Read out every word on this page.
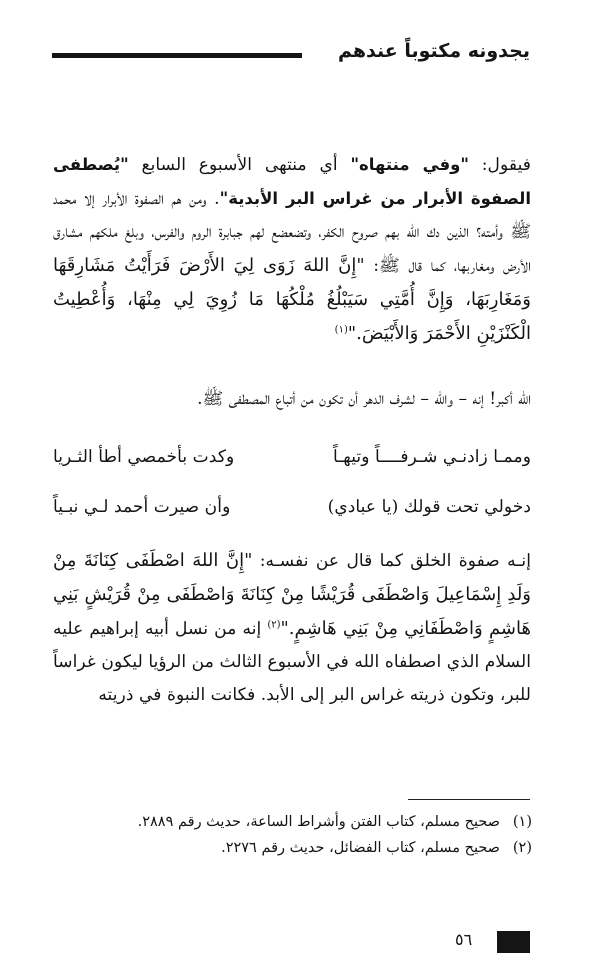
يجدونه مكتوباً عندهم

فيقول: "وفي منتهاه" أي منتهى الأسبوع السابع "يُصطفى الصفوة الأبرار من غراس البر الأبدية". ومن هم الصفوة الأبرار إلا محمد ﷺ وأمته؟ الذين دك الله بهم صروح الكفر، وتضعضع لهم جبابرة الروم والفرس، وبلغ ملكهم مشارق الأرض ومغاربها، كما قال ﷺ: "إِنَّ اللهَ زَوَى لِيَ الأَرْضَ فَرَأَيْتُ مَشَارِقَهَا وَمَغَارِبَهَا، وَإِنَّ أُمَّتِي سَيَبْلُغُ مُلْكُهَا مَا زُوِيَ لِي مِنْهَا، وَأُعْطِيتُ الْكَنْزَيْنِ الأَحْمَرَ وَالأَبْيَضَ."$^{(١)}$

الله أكبر! إنه – والله – لشرف الدهر أن تكون من أتباع المصطفى ﷺ.

وممـا زادنـي شـرفــــاً وتيهـاً
وكدت بأخمصي أطأ الثـريا
دخولي تحت قولك (يا عبادي)
وأن صيرت أحمد لـي نبـياً

إنـه صفوة الخلق كما قال عن نفسـه: "إِنَّ اللهَ اصْطَفَى كِنَانَةَ مِنْ وَلَدِ إِسْمَاعِيلَ وَاصْطَفَى قُرَيْشًا مِنْ كِنَانَةَ وَاصْطَفَى مِنْ قُرَيْشٍ بَنِي هَاشِمٍ وَاصْطَفَانِي مِنْ بَنِي هَاشِمٍ."$^{(٢)}$ إنه من نسل أبيه إبراهيم عليه السلام الذي اصطفاه الله في الأسبوع الثالث من الرؤيا ليكون غراساً للبر، وتكون ذريته غراس البر إلى الأبد. فكانت النبوة في ذريته

(١)
صحيح مسلم، كتاب الفتن وأشراط الساعة، حديث رقم ٢٨٨٩.
(٢)
صحيح مسلم، كتاب الفضائل، حديث رقم ٢٢٧٦.
٥٦
